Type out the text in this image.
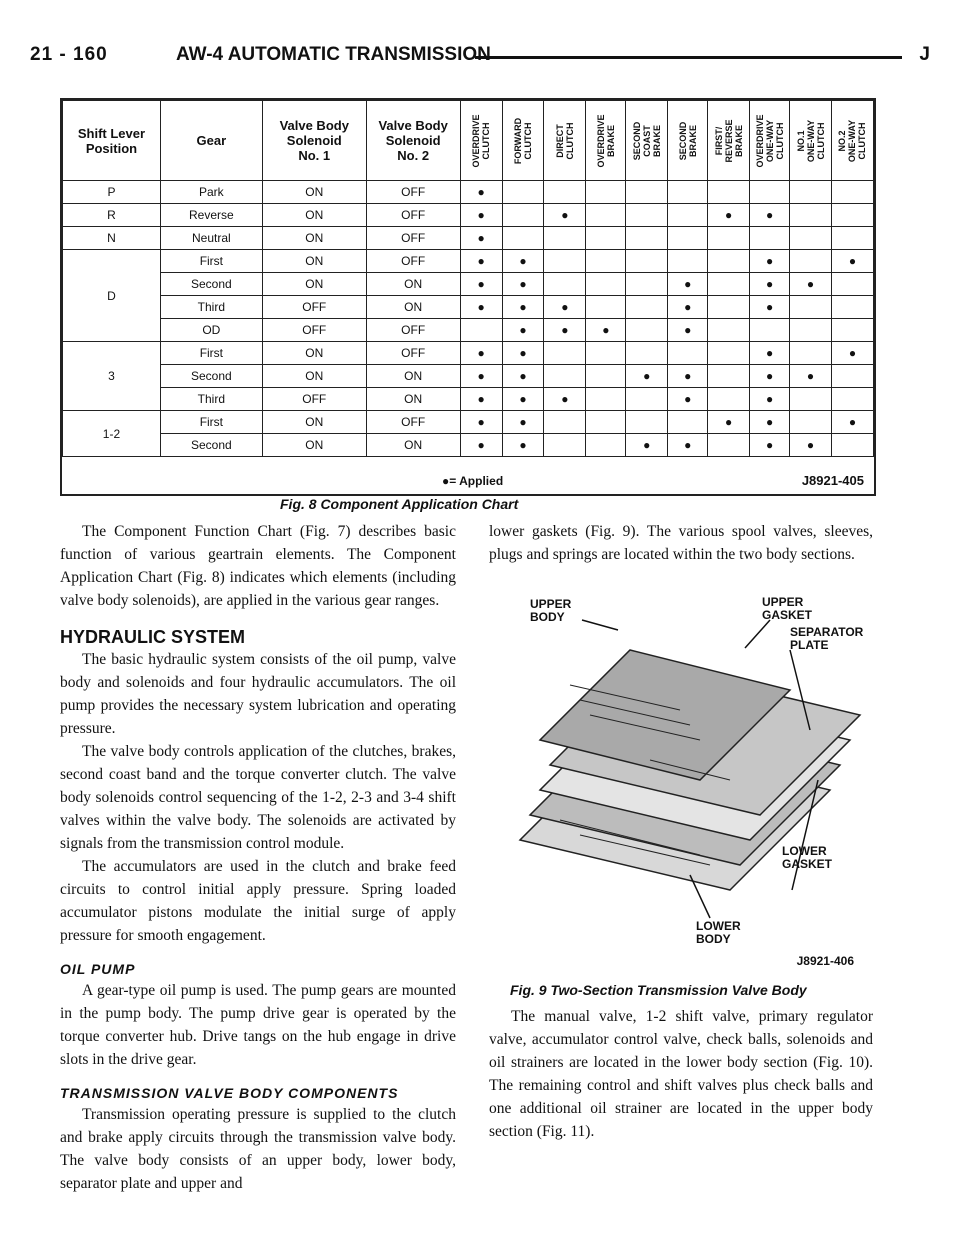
21 - 160	AW-4 AUTOMATIC TRANSMISSION	J
Shift Lever
Position	Gear	Valve Body
Solenoid
No. 1	Valve Body
Solenoid
No. 2	OVERDRIVE
CLUTCH	FORWARD
CLUTCH	DIRECT
CLUTCH	OVERDRIVE
BRAKE	SECOND
COAST
BRAKE	SECOND
BRAKE	FIRST/
REVERSE
BRAKE	OVERDRIVE
ONE-WAY
CLUTCH	NO.1
ONE-WAY
CLUTCH	NO.2
ONE-WAY
CLUTCH

P	Park	ON	OFF	●									
R	Reverse	ON	OFF	●		●				●	●		
N	Neutral	ON	OFF	●									
D	First	ON	OFF	●	●						●		●
	Second	ON	ON	●	●				●		●	●	
	Third	OFF	ON	●	●	●			●		●		
	OD	OFF	OFF		●	●	●		●				
3	First	ON	OFF	●	●						●		●
	Second	ON	ON	●	●			●	●		●	●	
	Third	OFF	ON	●	●	●			●		●		
1-2	First	ON	OFF	●	●					●	●		●
	Second	ON	ON	●	●			●	●		●	●	
●= Applied	J8921-405
Fig. 8 Component Application Chart

The Component Function Chart (Fig. 7) describes basic function of various geartrain elements. The Component Application Chart (Fig. 8) indicates which elements (including valve body solenoids), are applied in the various gear ranges.

HYDRAULIC SYSTEM

The basic hydraulic system consists of the oil pump, valve body and solenoids and four hydraulic accumulators. The oil pump provides the necessary system lubrication and operating pressure.

The valve body controls application of the clutches, brakes, second coast band and the torque converter clutch. The valve body solenoids control sequencing of the 1-2, 2-3 and 3-4 shift valves within the valve body. The solenoids are activated by signals from the transmission control module.

The accumulators are used in the clutch and brake feed circuits to control initial apply pressure. Spring loaded accumulator pistons modulate the initial surge of apply pressure for smooth engagement.

OIL PUMP

A gear-type oil pump is used. The pump gears are mounted in the pump body. The pump drive gear is operated by the torque converter hub. Drive tangs on the hub engage in drive slots in the drive gear.

TRANSMISSION VALVE BODY COMPONENTS

Transmission operating pressure is supplied to the clutch and brake apply circuits through the transmission valve body. The valve body consists of an upper body, lower body, separator plate and upper and

lower gaskets (Fig. 9). The various spool valves, sleeves, plugs and springs are located within the two body sections.

UPPER
BODY
UPPER
GASKET
SEPARATOR
PLATE
LOWER
GASKET
LOWER
BODY
J8921-406
Fig. 9 Two-Section Transmission Valve Body

The manual valve, 1-2 shift valve, primary regulator valve, accumulator control valve, check balls, solenoids and oil strainers are located in the lower body section (Fig. 10). The remaining control and shift valves plus check balls and one additional oil strainer are located in the upper body section (Fig. 11).
